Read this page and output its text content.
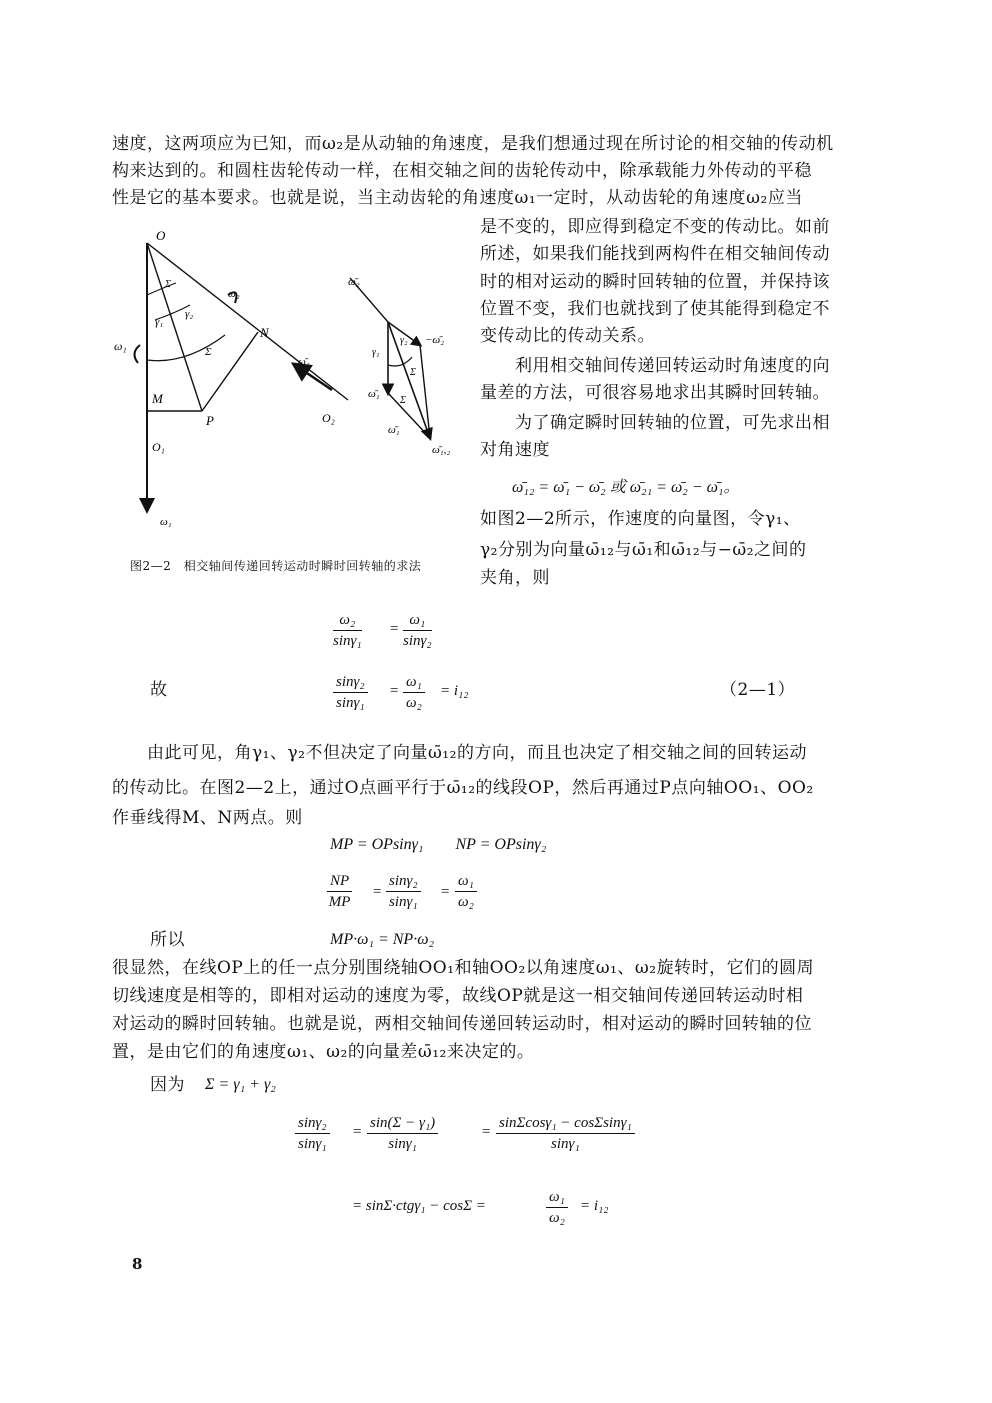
速度，这两项应为已知，而ω₂是从动轴的角速度，是我们想通过现在所讨论的相交轴的传动机
构来达到的。和圆柱齿轮传动一样，在相交轴之间的齿轮传动中，除承载能力外传动的平稳
性是它的基本要求。也就是说，当主动齿轮的角速度ω₁一定时，从动齿轮的角速度ω₂应当
是不变的，即应得到稳定不变的传动比。如前
所述，如果我们能找到两构件在相交轴间传动
时的相对运动的瞬时回转轴的位置，并保持该
位置不变，我们也就找到了使其能得到稳定不
变传动比的传动关系。
　　利用相交轴间传递回转运动时角速度的向
量差的方法，可很容易地求出其瞬时回转轴。
　　为了确定瞬时回转轴的位置，可先求出相
对角速度
ω̄₁₂ = ω̄₁ − ω̄₂ 或 ω̄₂₁ = ω̄₂ − ω̄₁。
如图2—2所示，作速度的向量图，令γ₁、
γ₂分别为向量ω̄₁₂与ω̄₁和ω̄₁₂与−ω̄₂之间的
夹角，则
O
M
P
N
O₁
O₂
ω₁
ω₂
ω₁
γ₁
γ₂
Σ
Σ
ω̄₂
ω̄₂
−ω̄₂
ω̄₁
ω̄₁
ω̄₁,₂
γ₁
γ₂
Σ
Σ
图2—2　相交轴间传递回转运动时瞬时回转轴的求法
$\frac{\text{ω₂}}{\text{sinγ₁}} = \frac{\text{ω₁}}{\text{sinγ₂}}$
故	$\frac{\text{sinγ₂}}{\text{sinγ₁}} = \frac{\text{ω₁}}{\text{ω₂}} = i_{12}$	（2—1）
　　由此可见，角γ₁、γ₂不但决定了向量ω̄₁₂的方向，而且也决定了相交轴之间的回转运动
的传动比。在图2—2上，通过O点画平行于ω̄₁₂的线段OP，然后再通过P点向轴OO₁、OO₂
作垂线得M、N两点。则
MP = OPsinγ₁　　NP = OPsinγ₂
$\frac{NP}{MP} = \frac{\text{sinγ₂}}{\text{sinγ₁}} = \frac{\text{ω₁}}{\text{ω₂}}$
所以	MP·ω₁ = NP·ω₂
很显然，在线OP上的任一点分别围绕轴OO₁和轴OO₂以角速度ω₁、ω₂旋转时，它们的圆周
切线速度是相等的，即相对运动的速度为零，故线OP就是这一相交轴间传递回转运动时相
对运动的瞬时回转轴。也就是说，两相交轴间传递回转运动时，相对运动的瞬时回转轴的位
置，是由它们的角速度ω₁、ω₂的向量差ω̄₁₂来决定的。
因为 Σ = γ₁ + γ₂
$\frac{\text{sinγ₂}}{\text{sinγ₁}} = \frac{\text{sin(Σ − γ₁)}}{\text{sinγ₁}}$	= $\frac{\text{sinΣcosγ₁ − cosΣsinγ₁}}{\text{sinγ₁}}$
= sinΣ·ctgγ₁ − cosΣ =	$\frac{\text{ω₁}}{\text{ω₂}} = i_{12}$
8
